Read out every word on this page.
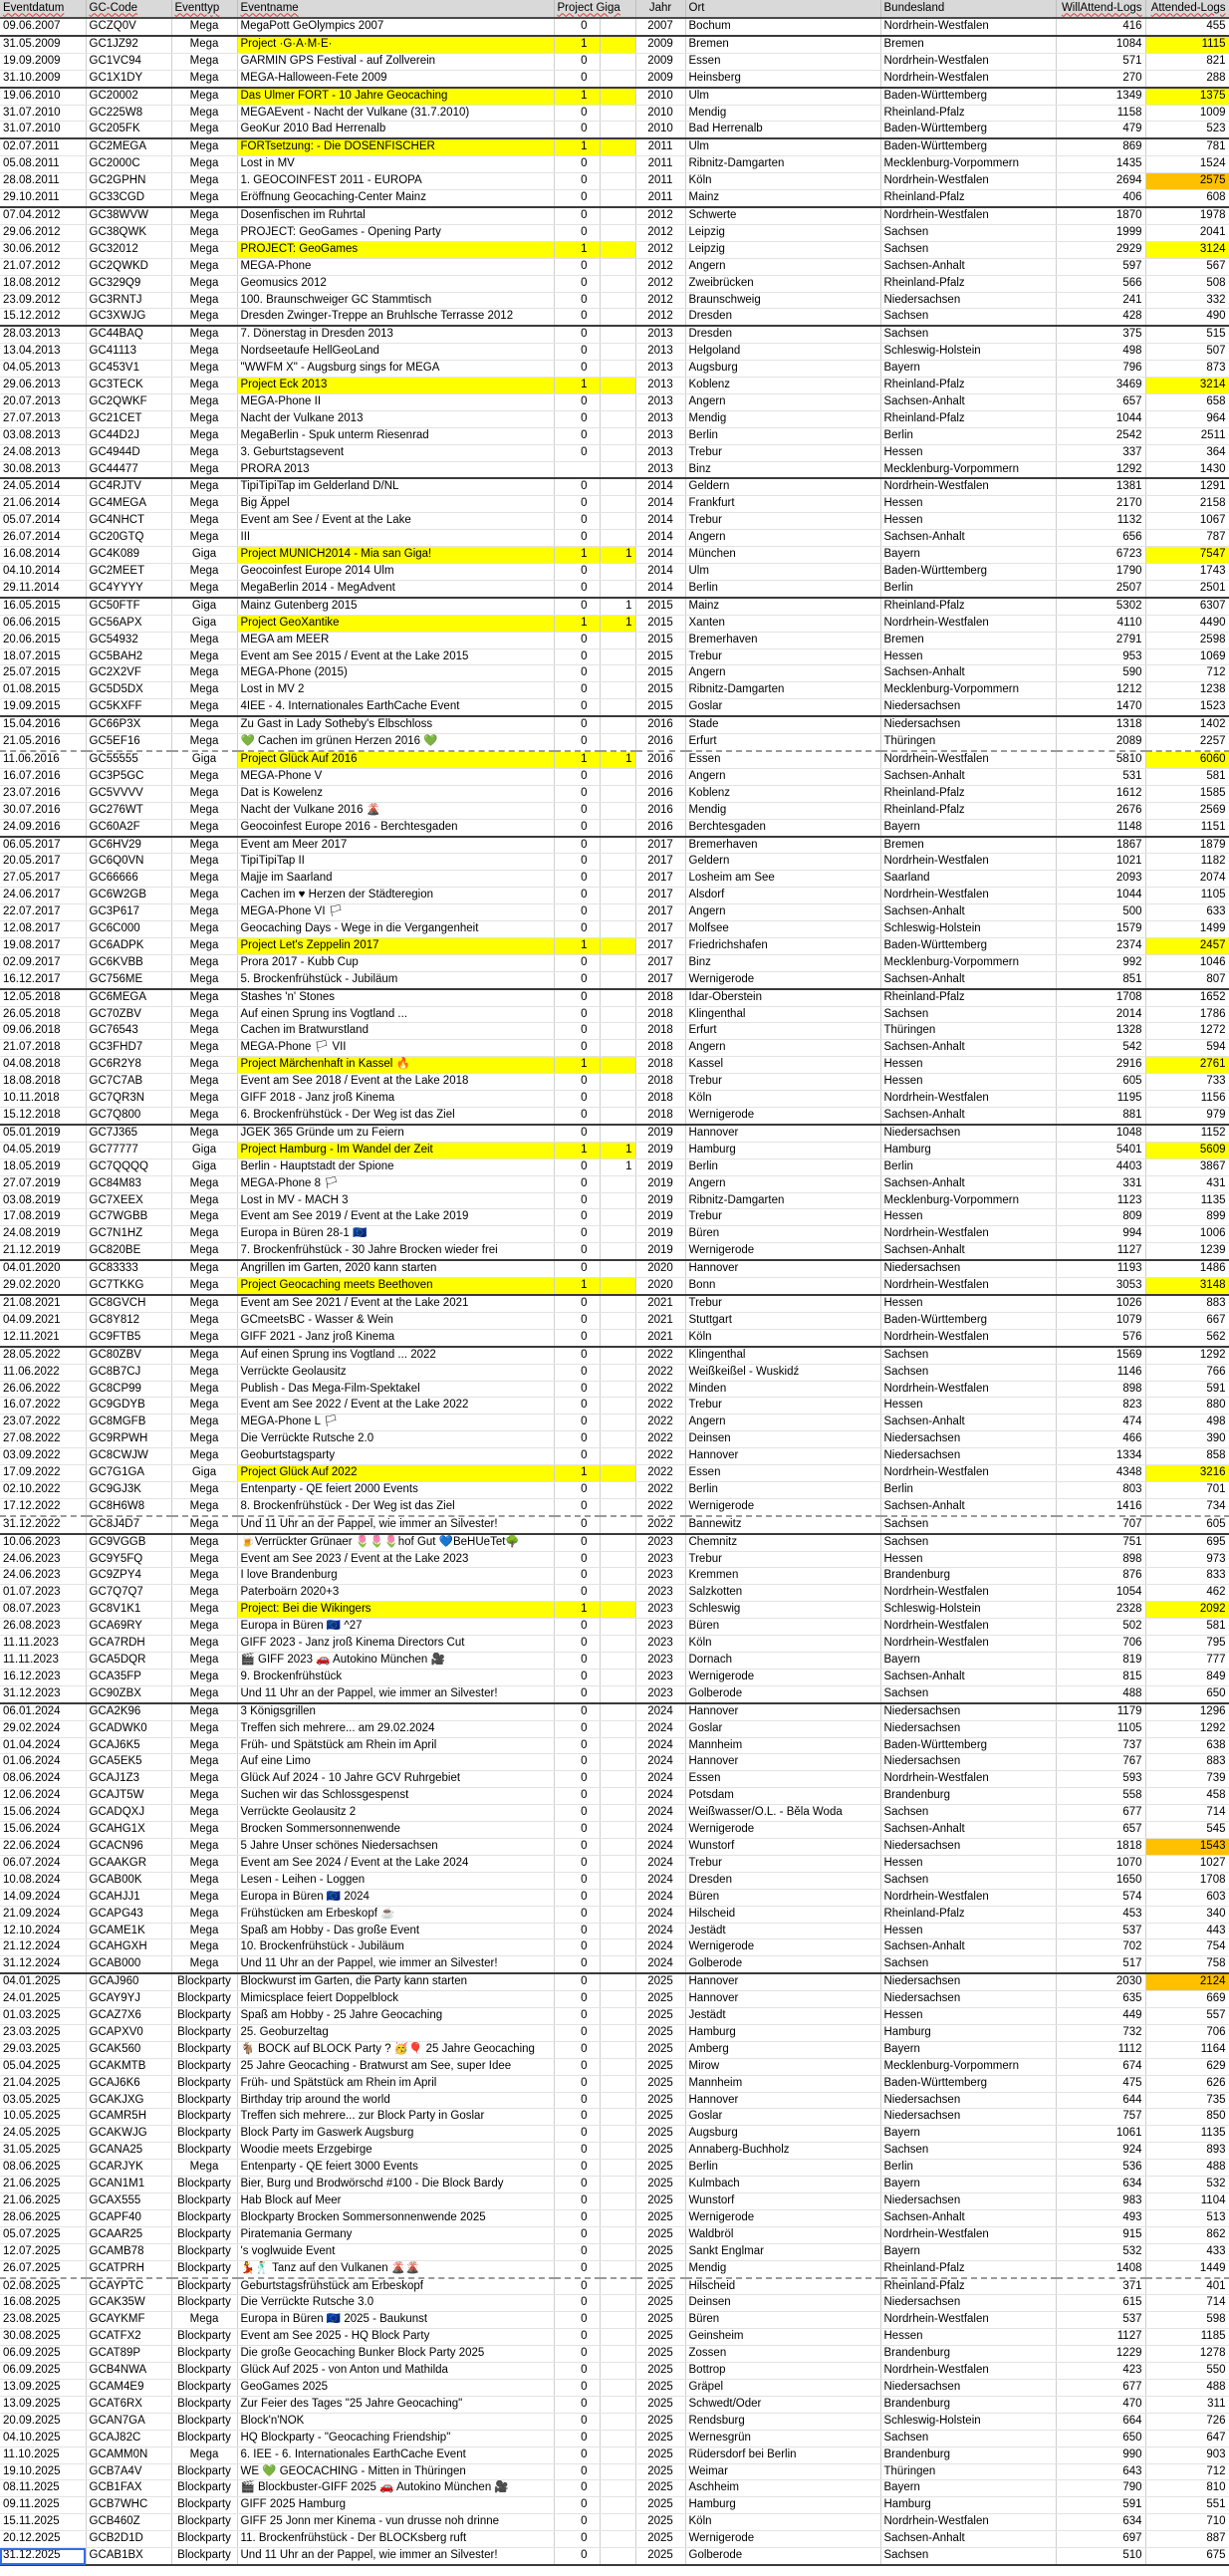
Eventdatum	GC-Code	Eventtyp	Eventname	Project Giga		Jahr	Ort	Bundesland	WillAttend-Logs	Attended-Logs
09.06.2007	GCZQ0V	Mega	MegaPott GeOlympics 2007	0		2007	Bochum	Nordrhein-Westfalen	416	455
31.05.2009	GC1JZ92	Mega	Project ·G·A·M·E·	1		2009	Bremen	Bremen	1084	1115
19.09.2009	GC1VC94	Mega	GARMIN GPS Festival - auf Zollverein	0		2009	Essen	Nordrhein-Westfalen	571	821
31.10.2009	GC1X1DY	Mega	MEGA-Halloween-Fete 2009	0		2009	Heinsberg	Nordrhein-Westfalen	270	288
19.06.2010	GC20002	Mega	Das Ulmer FORT - 10 Jahre Geocaching	1		2010	Ulm	Baden-Württemberg	1349	1375
31.07.2010	GC225W8	Mega	MEGAEvent - Nacht der Vulkane (31.7.2010)	0		2010	Mendig	Rheinland-Pfalz	1158	1009
31.07.2010	GC205FK	Mega	GeoKur 2010 Bad Herrenalb	0		2010	Bad Herrenalb	Baden-Württemberg	479	523
02.07.2011	GC2MEGA	Mega	FORTsetzung: - Die DOSENFISCHER	1		2011	Ulm	Baden-Württemberg	869	781
05.08.2011	GC2000C	Mega	Lost in MV	0		2011	Ribnitz-Damgarten	Mecklenburg-Vorpommern	1435	1524
28.08.2011	GC2GPHN	Mega	1. GEOCOINFEST 2011 - EUROPA	0		2011	Köln	Nordrhein-Westfalen	2694	2575
29.10.2011	GC33CGD	Mega	Eröffnung Geocaching-Center Mainz	0		2011	Mainz	Rheinland-Pfalz	406	608
07.04.2012	GC38WVW	Mega	Dosenfischen im Ruhrtal	0		2012	Schwerte	Nordrhein-Westfalen	1870	1978
29.06.2012	GC38QWK	Mega	PROJECT: GeoGames - Opening Party	0		2012	Leipzig	Sachsen	1999	2041
30.06.2012	GC32012	Mega	PROJECT: GeoGames	1		2012	Leipzig	Sachsen	2929	3124
21.07.2012	GC2QWKD	Mega	MEGA-Phone	0		2012	Angern	Sachsen-Anhalt	597	567
18.08.2012	GC329Q9	Mega	Geomusics 2012	0		2012	Zweibrücken	Rheinland-Pfalz	566	508
23.09.2012	GC3RNTJ	Mega	100. Braunschweiger GC Stammtisch	0		2012	Braunschweig	Niedersachsen	241	332
15.12.2012	GC3XWJG	Mega	Dresden Zwinger-Treppe an Bruhlsche Terrasse 2012	0		2012	Dresden	Sachsen	428	490
28.03.2013	GC44BAQ	Mega	7. Dönerstag in Dresden 2013	0		2013	Dresden	Sachsen	375	515
13.04.2013	GC41113	Mega	Nordseetaufe HellGeoLand	0		2013	Helgoland	Schleswig-Holstein	498	507
04.05.2013	GC453V1	Mega	"WWFM X" - Augsburg sings for MEGA	0		2013	Augsburg	Bayern	796	873
29.06.2013	GC3TECK	Mega	Project Eck 2013	1		2013	Koblenz	Rheinland-Pfalz	3469	3214
20.07.2013	GC2QWKF	Mega	MEGA-Phone II	0		2013	Angern	Sachsen-Anhalt	657	658
27.07.2013	GC21CET	Mega	Nacht der Vulkane 2013	0		2013	Mendig	Rheinland-Pfalz	1044	964
03.08.2013	GC44D2J	Mega	MegaBerlin - Spuk unterm Riesenrad	0		2013	Berlin	Berlin	2542	2511
24.08.2013	GC4944D	Mega	3. Geburtstagsevent	0		2013	Trebur	Hessen	337	364
30.08.2013	GC44477	Mega	PRORA 2013			2013	Binz	Mecklenburg-Vorpommern	1292	1430
24.05.2014	GC4RJTV	Mega	TipiTipiTap im Gelderland D/NL	0		2014	Geldern	Nordrhein-Westfalen	1381	1291
21.06.2014	GC4MEGA	Mega	Big Äppel	0		2014	Frankfurt	Hessen	2170	2158
05.07.2014	GC4NHCT	Mega	Event am See / Event at the Lake	0		2014	Trebur	Hessen	1132	1067
26.07.2014	GC20GTQ	Mega	III	0		2014	Angern	Sachsen-Anhalt	656	787
16.08.2014	GC4K089	Giga	Project MUNICH2014 - Mia san Giga!	1	1	2014	München	Bayern	6723	7547
04.10.2014	GC2MEET	Mega	Geocoinfest Europe 2014 Ulm	0		2014	Ulm	Baden-Württemberg	1790	1743
29.11.2014	GC4YYYY	Mega	MegaBerlin 2014 - MegAdvent	0		2014	Berlin	Berlin	2507	2501
16.05.2015	GC50FTF	Giga	Mainz Gutenberg 2015	0	1	2015	Mainz	Rheinland-Pfalz	5302	6307
06.06.2015	GC56APX	Giga	Project GeoXantike	1	1	2015	Xanten	Nordrhein-Westfalen	4110	4490
20.06.2015	GC54932	Mega	MEGA am MEER	0		2015	Bremerhaven	Bremen	2791	2598
18.07.2015	GC5BAH2	Mega	Event am See 2015 / Event at the Lake 2015	0		2015	Trebur	Hessen	953	1069
25.07.2015	GC2X2VF	Mega	MEGA-Phone (2015)	0		2015	Angern	Sachsen-Anhalt	590	712
01.08.2015	GC5D5DX	Mega	Lost in MV 2	0		2015	Ribnitz-Damgarten	Mecklenburg-Vorpommern	1212	1238
19.09.2015	GC5KXFF	Mega	4IEE - 4. Internationales EarthCache Event	0		2015	Goslar	Niedersachsen	1470	1523
15.04.2016	GC66P3X	Mega	Zu Gast in Lady Sotheby's Elbschloss	0		2016	Stade	Niedersachsen	1318	1402
21.05.2016	GC5EF16	Mega	💚 Cachen im grünen Herzen 2016 💚	0		2016	Erfurt	Thüringen	2089	2257
11.06.2016	GC55555	Giga	Project Glück Auf 2016	1	1	2016	Essen	Nordrhein-Westfalen	5810	6060
16.07.2016	GC3P5GC	Mega	MEGA-Phone V	0		2016	Angern	Sachsen-Anhalt	531	581
23.07.2016	GC5VVVV	Mega	Dat is Kowelenz	0		2016	Koblenz	Rheinland-Pfalz	1612	1585
30.07.2016	GC276WT	Mega	Nacht der Vulkane 2016 🌋	0		2016	Mendig	Rheinland-Pfalz	2676	2569
24.09.2016	GC60A2F	Mega	Geocoinfest Europe 2016 - Berchtesgaden	0		2016	Berchtesgaden	Bayern	1148	1151
06.05.2017	GC6HV29	Mega	Event am Meer 2017	0		2017	Bremerhaven	Bremen	1867	1879
20.05.2017	GC6Q0VN	Mega	TipiTipiTap II	0		2017	Geldern	Nordrhein-Westfalen	1021	1182
27.05.2017	GC66666	Mega	Majje im Saarland	0		2017	Losheim am See	Saarland	2093	2074
24.06.2017	GC6W2GB	Mega	Cachen im ♥ Herzen der Städteregion	0		2017	Alsdorf	Nordrhein-Westfalen	1044	1105
22.07.2017	GC3P617	Mega	MEGA-Phone VI 🏳	0		2017	Angern	Sachsen-Anhalt	500	633
12.08.2017	GC6C000	Mega	Geocaching Days - Wege in die Vergangenheit	0		2017	Molfsee	Schleswig-Holstein	1579	1499
19.08.2017	GC6ADPK	Mega	Project Let's Zeppelin 2017	1		2017	Friedrichshafen	Baden-Württemberg	2374	2457
02.09.2017	GC6KVBB	Mega	Prora 2017 - Kubb Cup	0		2017	Binz	Mecklenburg-Vorpommern	992	1046
16.12.2017	GC756ME	Mega	5. Brockenfrühstück - Jubiläum	0		2017	Wernigerode	Sachsen-Anhalt	851	807
12.05.2018	GC6MEGA	Mega	Stashes 'n' Stones	0		2018	Idar-Oberstein	Rheinland-Pfalz	1708	1652
26.05.2018	GC70ZBV	Mega	Auf einen Sprung ins Vogtland ...	0		2018	Klingenthal	Sachsen	2014	1786
09.06.2018	GC76543	Mega	Cachen im Bratwurstland	0		2018	Erfurt	Thüringen	1328	1272
21.07.2018	GC3FHD7	Mega	MEGA-Phone 🏳 VII	0		2018	Angern	Sachsen-Anhalt	542	594
04.08.2018	GC6R2Y8	Mega	Project Märchenhaft in Kassel 🔥	1		2018	Kassel	Hessen	2916	2761
18.08.2018	GC7C7AB	Mega	Event am See 2018 / Event at the Lake 2018	0		2018	Trebur	Hessen	605	733
10.11.2018	GC7QR3N	Mega	GIFF 2018 - Janz jroß Kinema	0		2018	Köln	Nordrhein-Westfalen	1195	1156
15.12.2018	GC7Q800	Mega	6. Brockenfrühstück - Der Weg ist das Ziel	0		2018	Wernigerode	Sachsen-Anhalt	881	979
05.01.2019	GC7J365	Mega	JGEK 365 Gründe um zu Feiern	0		2019	Hannover	Niedersachsen	1048	1152
04.05.2019	GC77777	Giga	Project Hamburg - Im Wandel der Zeit	1	1	2019	Hamburg	Hamburg	5401	5609
18.05.2019	GC7QQQQ	Giga	Berlin - Hauptstadt der Spione	0	1	2019	Berlin	Berlin	4403	3867
27.07.2019	GC84M83	Mega	MEGA-Phone 8 🏳	0		2019	Angern	Sachsen-Anhalt	331	431
03.08.2019	GC7XEEX	Mega	Lost in MV - MACH 3	0		2019	Ribnitz-Damgarten	Mecklenburg-Vorpommern	1123	1135
17.08.2019	GC7WGBB	Mega	Event am See 2019 / Event at the Lake 2019	0		2019	Trebur	Hessen	809	899
24.08.2019	GC7N1HZ	Mega	Europa in Büren 28-1 🇪🇺	0		2019	Büren	Nordrhein-Westfalen	994	1006
21.12.2019	GC820BE	Mega	7. Brockenfrühstück - 30 Jahre Brocken wieder frei	0		2019	Wernigerode	Sachsen-Anhalt	1127	1239
04.01.2020	GC83333	Mega	Angrillen im Garten, 2020 kann starten	0		2020	Hannover	Niedersachsen	1193	1486
29.02.2020	GC7TKKG	Mega	Project Geocaching meets Beethoven	1		2020	Bonn	Nordrhein-Westfalen	3053	3148
21.08.2021	GC8GVCH	Mega	Event am See 2021 / Event at the Lake 2021	0		2021	Trebur	Hessen	1026	883
04.09.2021	GC8Y812	Mega	GCmeetsBC - Wasser & Wein	0		2021	Stuttgart	Baden-Württemberg	1079	667
12.11.2021	GC9FTB5	Mega	GIFF 2021 - Janz jroß Kinema	0		2021	Köln	Nordrhein-Westfalen	576	562
28.05.2022	GC80ZBV	Mega	Auf einen Sprung ins Vogtland ... 2022	0		2022	Klingenthal	Sachsen	1569	1292
11.06.2022	GC8B7CJ	Mega	Verrückte Geolausitz	0		2022	Weißkeißel - Wuskidź	Sachsen	1146	766
26.06.2022	GC8CP99	Mega	Publish - Das Mega-Film-Spektakel	0		2022	Minden	Nordrhein-Westfalen	898	591
16.07.2022	GC9GDYB	Mega	Event am See 2022 / Event at the Lake 2022	0		2022	Trebur	Hessen	823	880
23.07.2022	GC8MGFB	Mega	MEGA-Phone L 🏳	0		2022	Angern	Sachsen-Anhalt	474	498
27.08.2022	GC9RPWH	Mega	Die Verrückte Rutsche 2.0	0		2022	Deinsen	Niedersachsen	466	390
03.09.2022	GC8CWJW	Mega	Geoburtstagsparty	0		2022	Hannover	Niedersachsen	1334	858
17.09.2022	GC7G1GA	Giga	Project Glück Auf 2022	1		2022	Essen	Nordrhein-Westfalen	4348	3216
02.10.2022	GC9GJ3K	Mega	Entenparty - QE feiert 2000 Events	0		2022	Berlin	Berlin	803	701
17.12.2022	GC8H6W8	Mega	8. Brockenfrühstück - Der Weg ist das Ziel	0		2022	Wernigerode	Sachsen-Anhalt	1416	734
31.12.2022	GC8J4D7	Mega	Und 11 Uhr an der Pappel, wie immer an Silvester!	0		2022	Bannewitz	Sachsen	707	605
10.06.2023	GC9VGGB	Mega	🍺Verrückter Grünaer 🌷🌷🌷hof Gut 💙BeHUeTet🌳	0		2023	Chemnitz	Sachsen	751	695
24.06.2023	GC9Y5FQ	Mega	Event am See 2023 / Event at the Lake 2023	0		2023	Trebur	Hessen	898	973
24.06.2023	GC9ZPY4	Mega	I love Brandenburg	0		2023	Kremmen	Brandenburg	876	833
01.07.2023	GC7Q7Q7	Mega	Paterboärn 2020+3	0		2023	Salzkotten	Nordrhein-Westfalen	1054	462
08.07.2023	GC8V1K1	Mega	Project: Bei die Wikingers	1		2023	Schleswig	Schleswig-Holstein	2328	2092
26.08.2023	GCA69RY	Mega	Europa in Büren 🇪🇺 ^27	0		2023	Büren	Nordrhein-Westfalen	502	581
11.11.2023	GCA7RDH	Mega	GIFF 2023 - Janz jroß Kinema Directors Cut	0		2023	Köln	Nordrhein-Westfalen	706	795
11.11.2023	GCA5DQR	Mega	🎬 GIFF 2023 🚗 Autokino München 🎥	0		2023	Dornach	Bayern	819	777
16.12.2023	GCA35FP	Mega	9. Brockenfrühstück	0		2023	Wernigerode	Sachsen-Anhalt	815	849
31.12.2023	GC90ZBX	Mega	Und 11 Uhr an der Pappel, wie immer an Silvester!	0		2023	Golberode	Sachsen	488	650
06.01.2024	GCA2K96	Mega	3 Königsgrillen	0		2024	Hannover	Niedersachsen	1179	1296
29.02.2024	GCADWK0	Mega	Treffen sich mehrere... am 29.02.2024	0		2024	Goslar	Niedersachsen	1105	1292
01.04.2024	GCAJ6K5	Mega	Früh- und Spätstück am Rhein im April	0		2024	Mannheim	Baden-Württemberg	737	638
01.06.2024	GCA5EK5	Mega	Auf eine Limo	0		2024	Hannover	Niedersachsen	767	883
08.06.2024	GCAJ1Z3	Mega	Glück Auf 2024 - 10 Jahre GCV Ruhrgebiet	0		2024	Essen	Nordrhein-Westfalen	593	739
12.06.2024	GCAJT5W	Mega	Suchen wir das Schlossgespenst	0		2024	Potsdam	Brandenburg	558	458
15.06.2024	GCADQXJ	Mega	Verrückte Geolausitz 2	0		2024	Weißwasser/O.L. - Běla Woda	Sachsen	677	714
15.06.2024	GCAHG1X	Mega	Brocken Sommersonnenwende	0		2024	Wernigerode	Sachsen-Anhalt	657	545
22.06.2024	GCACN96	Mega	5 Jahre Unser schönes Niedersachsen	0		2024	Wunstorf	Niedersachsen	1818	1543
06.07.2024	GCAAKGR	Mega	Event am See 2024 / Event at the Lake 2024	0		2024	Trebur	Hessen	1070	1027
10.08.2024	GCAB00K	Mega	Lesen - Leihen - Loggen	0		2024	Dresden	Sachsen	1650	1708
14.09.2024	GCAHJJ1	Mega	Europa in Büren 🇪🇺 2024	0		2024	Büren	Nordrhein-Westfalen	574	603
21.09.2024	GCAPG43	Mega	Frühstücken am Erbeskopf ☕	0		2024	Hilscheid	Rheinland-Pfalz	453	340
12.10.2024	GCAME1K	Mega	Spaß am Hobby - Das große Event	0		2024	Jestädt	Hessen	537	443
21.12.2024	GCAHGXH	Mega	10. Brockenfrühstück - Jubiläum	0		2024	Wernigerode	Sachsen-Anhalt	702	754
31.12.2024	GCAB000	Mega	Und 11 Uhr an der Pappel, wie immer an Silvester!	0		2024	Golberode	Sachsen	517	758
04.01.2025	GCAJ960	Blockparty	Blockwurst im Garten, die Party kann starten	0		2025	Hannover	Niedersachsen	2030	2124
24.01.2025	GCAY9YJ	Blockparty	Mimicsplace feiert Doppelblock	0		2025	Hannover	Niedersachsen	635	669
01.03.2025	GCAZ7X6	Blockparty	Spaß am Hobby - 25 Jahre Geocaching	0		2025	Jestädt	Hessen	449	557
23.03.2025	GCAPXV0	Blockparty	25. Geoburzeltag	0		2025	Hamburg	Hamburg	732	706
29.03.2025	GCAK560	Blockparty	🐐 BOCK auf BLOCK Party ? 🥳🎈 25 Jahre Geocaching	0		2025	Amberg	Bayern	1112	1164
05.04.2025	GCAKMTB	Blockparty	25 Jahre Geocaching - Bratwurst am See, super Idee	0		2025	Mirow	Mecklenburg-Vorpommern	674	629
21.04.2025	GCAJ6K6	Blockparty	Früh- und Spätstück am Rhein im April	0		2025	Mannheim	Baden-Württemberg	475	626
03.05.2025	GCAKJXG	Blockparty	Birthday trip around the world	0		2025	Hannover	Niedersachsen	644	735
10.05.2025	GCAMR5H	Blockparty	Treffen sich mehrere... zur Block Party in Goslar	0		2025	Goslar	Niedersachsen	757	850
24.05.2025	GCAKWJG	Blockparty	Block Party im Gaswerk Augsburg	0		2025	Augsburg	Bayern	1061	1135
31.05.2025	GCANA25	Blockparty	Woodie meets Erzgebirge	0		2025	Annaberg-Buchholz	Sachsen	924	893
08.06.2025	GCARJYK	Mega	Entenparty - QE feiert 3000 Events	0		2025	Berlin	Berlin	536	488
21.06.2025	GCAN1M1	Blockparty	Bier, Burg und Brodwörschd #100 - Die Block Bardy	0		2025	Kulmbach	Bayern	634	532
21.06.2025	GCAX555	Blockparty	Hab Block auf Meer	0		2025	Wunstorf	Niedersachsen	983	1104
28.06.2025	GCAPF40	Blockparty	Blockparty Brocken Sommersonnenwende 2025	0		2025	Wernigerode	Sachsen-Anhalt	493	513
05.07.2025	GCAAR25	Blockparty	Piratemania Germany	0		2025	Waldbröl	Nordrhein-Westfalen	915	862
12.07.2025	GCAMB78	Blockparty	's voglwuide Event	0		2025	Sankt Englmar	Bayern	532	433
26.07.2025	GCATPRH	Blockparty	💃🕺 Tanz auf den Vulkanen 🌋🌋	0		2025	Mendig	Rheinland-Pfalz	1408	1449
02.08.2025	GCAYPTC	Blockparty	Geburtstagsfrühstück am Erbeskopf	0		2025	Hilscheid	Rheinland-Pfalz	371	401
16.08.2025	GCAK35W	Blockparty	Die Verrückte Rutsche 3.0	0		2025	Deinsen	Niedersachsen	615	714
23.08.2025	GCAYKMF	Mega	Europa in Büren 🇪🇺 2025 - Baukunst	0		2025	Büren	Nordrhein-Westfalen	537	598
30.08.2025	GCATFX2	Blockparty	Event am See 2025 - HQ Block Party	0		2025	Geinsheim	Hessen	1127	1185
06.09.2025	GCAT89P	Blockparty	Die große Geocaching Bunker Block Party 2025	0		2025	Zossen	Brandenburg	1229	1278
06.09.2025	GCB4NWA	Blockparty	Glück Auf 2025 - von Anton und Mathilda	0		2025	Bottrop	Nordrhein-Westfalen	423	550
13.09.2025	GCAM4E9	Blockparty	GeoGames 2025	0		2025	Gräpel	Niedersachsen	677	488
13.09.2025	GCAT6RX	Blockparty	Zur Feier des Tages "25 Jahre Geocaching"	0		2025	Schwedt/Oder	Brandenburg	470	311
20.09.2025	GCAN7GA	Blockparty	Block'n'NOK	0		2025	Rendsburg	Schleswig-Holstein	664	726
04.10.2025	GCAJ82C	Blockparty	HQ Blockparty - "Geocaching Friendship"	0		2025	Wernesgrün	Sachsen	650	647
11.10.2025	GCAMM0N	Mega	6. IEE - 6. Internationales EarthCache Event	0		2025	Rüdersdorf bei Berlin	Brandenburg	990	903
19.10.2025	GCB7A4V	Blockparty	WE 💚 GEOCACHING - Mitten in Thüringen	0		2025	Weimar	Thüringen	643	712
08.11.2025	GCB1FAX	Blockparty	🎬 Blockbuster-GIFF 2025 🚗 Autokino München 🎥	0		2025	Aschheim	Bayern	790	810
09.11.2025	GCB7WHC	Blockparty	GIFF 2025 Hamburg	0		2025	Hamburg	Hamburg	591	551
15.11.2025	GCB460Z	Blockparty	GIFF 25 Jonn mer Kinema - vun drusse noh drinne	0		2025	Köln	Nordrhein-Westfalen	634	710
20.12.2025	GCB2D1D	Blockparty	11. Brockenfrühstück - Der BLOCKsberg ruft	0		2025	Wernigerode	Sachsen-Anhalt	697	887
31.12.2025	GCAB1BX	Blockparty	Und 11 Uhr an der Pappel, wie immer an Silvester!	0		2025	Golberode	Sachsen	510	675
